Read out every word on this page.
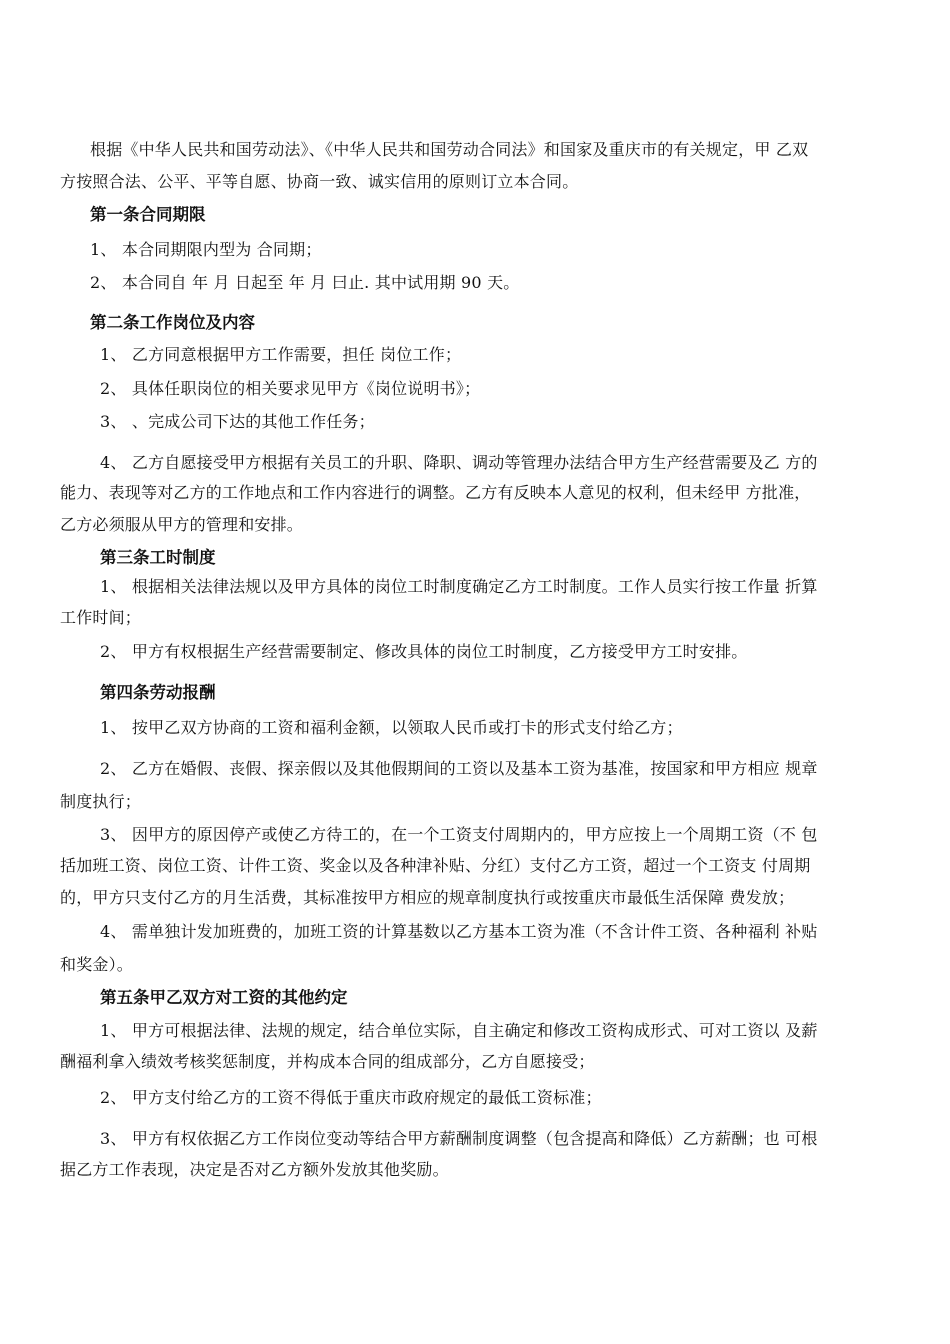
根据《中华人民共和国劳动法》、《中华人民共和国劳动合同法》和国家及重庆市的有关规定，甲 乙双
方按照合法、公平、平等自愿、协商一致、诚实信用的原则订立本合同。
第一条合同期限
1、 本合同期限内型为 合同期；
2、 本合同自 年 月 日起至 年 月 曰止. 其中试用期 90 天。
第二条工作岗位及内容
1、 乙方同意根据甲方工作需要，担任 岗位工作；
2、 具体任职岗位的相关要求见甲方《岗位说明书》；
3、 、完成公司下达的其他工作任务；
4、 乙方自愿接受甲方根据有关员工的升职、降职、调动等管理办法结合甲方生产经营需要及乙 方的
能力、表现等对乙方的工作地点和工作内容进行的调整。乙方有反映本人意见的权利，但未经甲 方批准，
乙方必须服从甲方的管理和安排。
第三条工时制度
1、 根据相关法律法规以及甲方具体的岗位工时制度确定乙方工时制度。工作人员实行按工作量 折算
工作时间；
2、 甲方有权根据生产经营需要制定、修改具体的岗位工时制度，乙方接受甲方工时安排。
第四条劳动报酬
1、 按甲乙双方协商的工资和福利金额，以领取人民币或打卡的形式支付给乙方；
2、 乙方在婚假、丧假、探亲假以及其他假期间的工资以及基本工资为基准，按国家和甲方相应 规章
制度执行；
3、 因甲方的原因停产或使乙方待工的，在一个工资支付周期内的，甲方应按上一个周期工资（不 包
括加班工资、岗位工资、计件工资、奖金以及各种津补贴、分红）支付乙方工资，超过一个工资支 付周期
的，甲方只支付乙方的月生活费，其标准按甲方相应的规章制度执行或按重庆市最低生活保障 费发放；
4、 需单独计发加班费的，加班工资的计算基数以乙方基本工资为准（不含计件工资、各种福利 补贴
和奖金）。
第五条甲乙双方对工资的其他约定
1、 甲方可根据法律、法规的规定，结合单位实际，自主确定和修改工资构成形式、可对工资以 及薪
酬福利拿入绩效考核奖惩制度，并构成本合同的组成部分，乙方自愿接受；
2、 甲方支付给乙方的工资不得低于重庆市政府规定的最低工资标准；
3、 甲方有权依据乙方工作岗位变动等结合甲方薪酬制度调整（包含提高和降低）乙方薪酬；也 可根
据乙方工作表现，决定是否对乙方额外发放其他奖励。
